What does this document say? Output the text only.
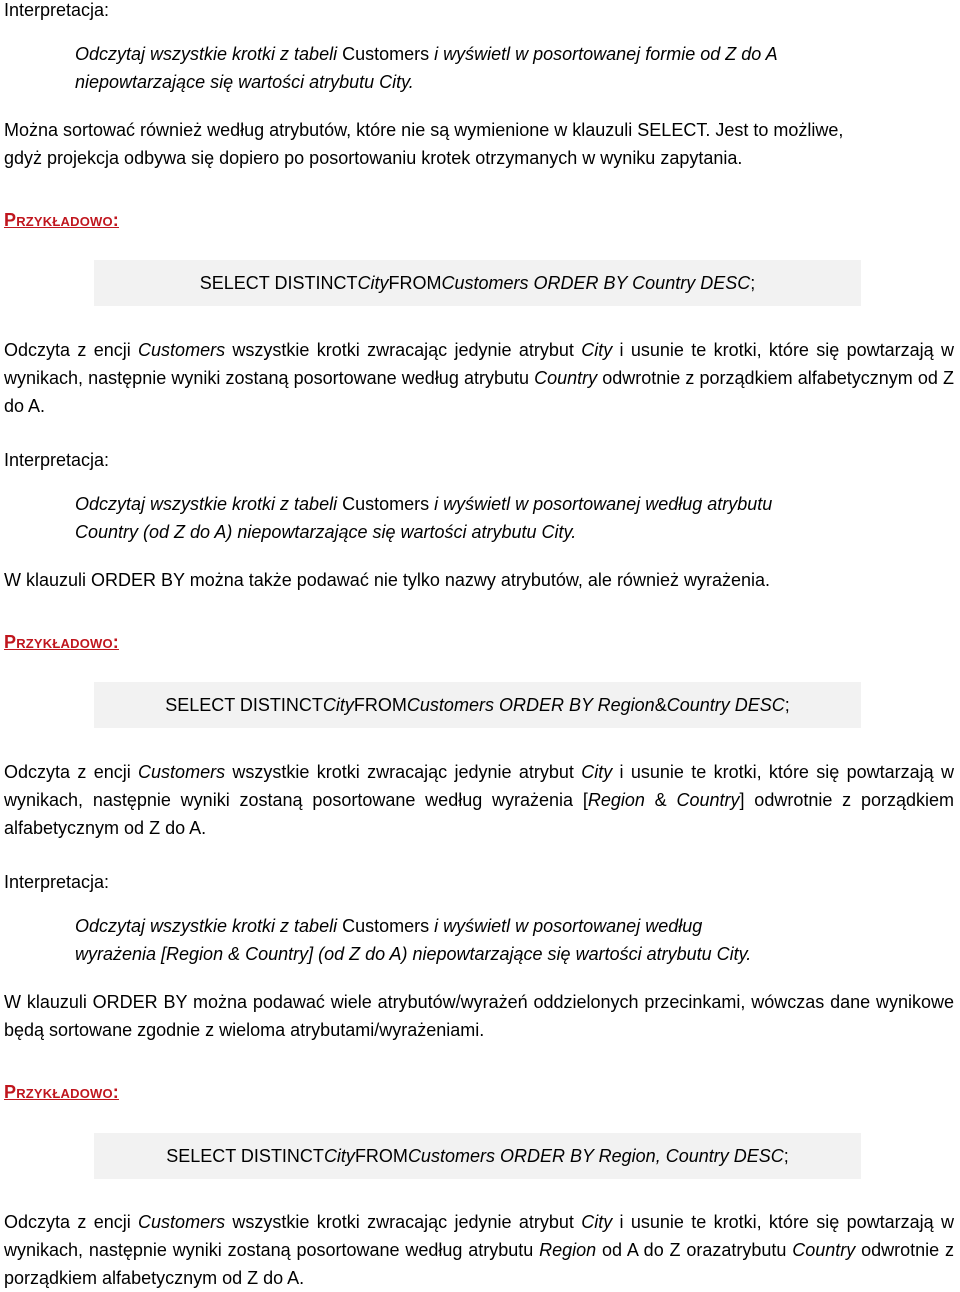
Interpretacja:

Odczytaj wszystkie krotki z tabeli Customers i wyświetl w posortowanej formie od Z do A

niepowtarzające się wartości atrybutu City.

Można sortować również według atrybutów, które nie są wymienione w klauzuli SELECT. Jest to możliwe,

gdyż projekcja odbywa się dopiero po posortowaniu krotek otrzymanych w wyniku zapytania.

Przykładowo:

SELECT DISTINCT City FROM Customers ORDER BY Country DESC ;

Odczyta z encji Customers wszystkie krotki zwracając jedynie atrybut City i usunie te krotki, które się powtarzają w wynikach, następnie wyniki zostaną posortowane według atrybutu Country odwrotnie z porządkiem alfabetycznym od Z do A.

Interpretacja:

Odczytaj wszystkie krotki z tabeli Customers i wyświetl w posortowanej według atrybutu

Country (od Z do A) niepowtarzające się wartości atrybutu City.

W klauzuli ORDER BY można także podawać nie tylko nazwy atrybutów, ale również wyrażenia.

Przykładowo:

SELECT DISTINCT City FROM Customers ORDER BY Region & Country DESC ;

Odczyta z encji Customers wszystkie krotki zwracając jedynie atrybut City i usunie te krotki, które się powtarzają w wynikach, następnie wyniki zostaną posortowane według wyrażenia [Region & Country] odwrotnie z porządkiem alfabetycznym od Z do A.

Interpretacja:

Odczytaj wszystkie krotki z tabeli Customers i wyświetl w posortowanej według

wyrażenia [Region & Country] (od Z do A) niepowtarzające się wartości atrybutu City.

W klauzuli ORDER BY można podawać wiele atrybutów/wyrażeń oddzielonych przecinkami, wówczas dane wynikowe będą sortowane zgodnie z wieloma atrybutami/wyrażeniami.

Przykładowo:

SELECT DISTINCT City FROM Customers ORDER BY Region, Country DESC ;

Odczyta z encji Customers wszystkie krotki zwracając jedynie atrybut City i usunie te krotki, które się powtarzają w wynikach, następnie wyniki zostaną posortowane według atrybutu Region od A do Z orazatrybutu Country odwrotnie z porządkiem alfabetycznym od Z do A.
